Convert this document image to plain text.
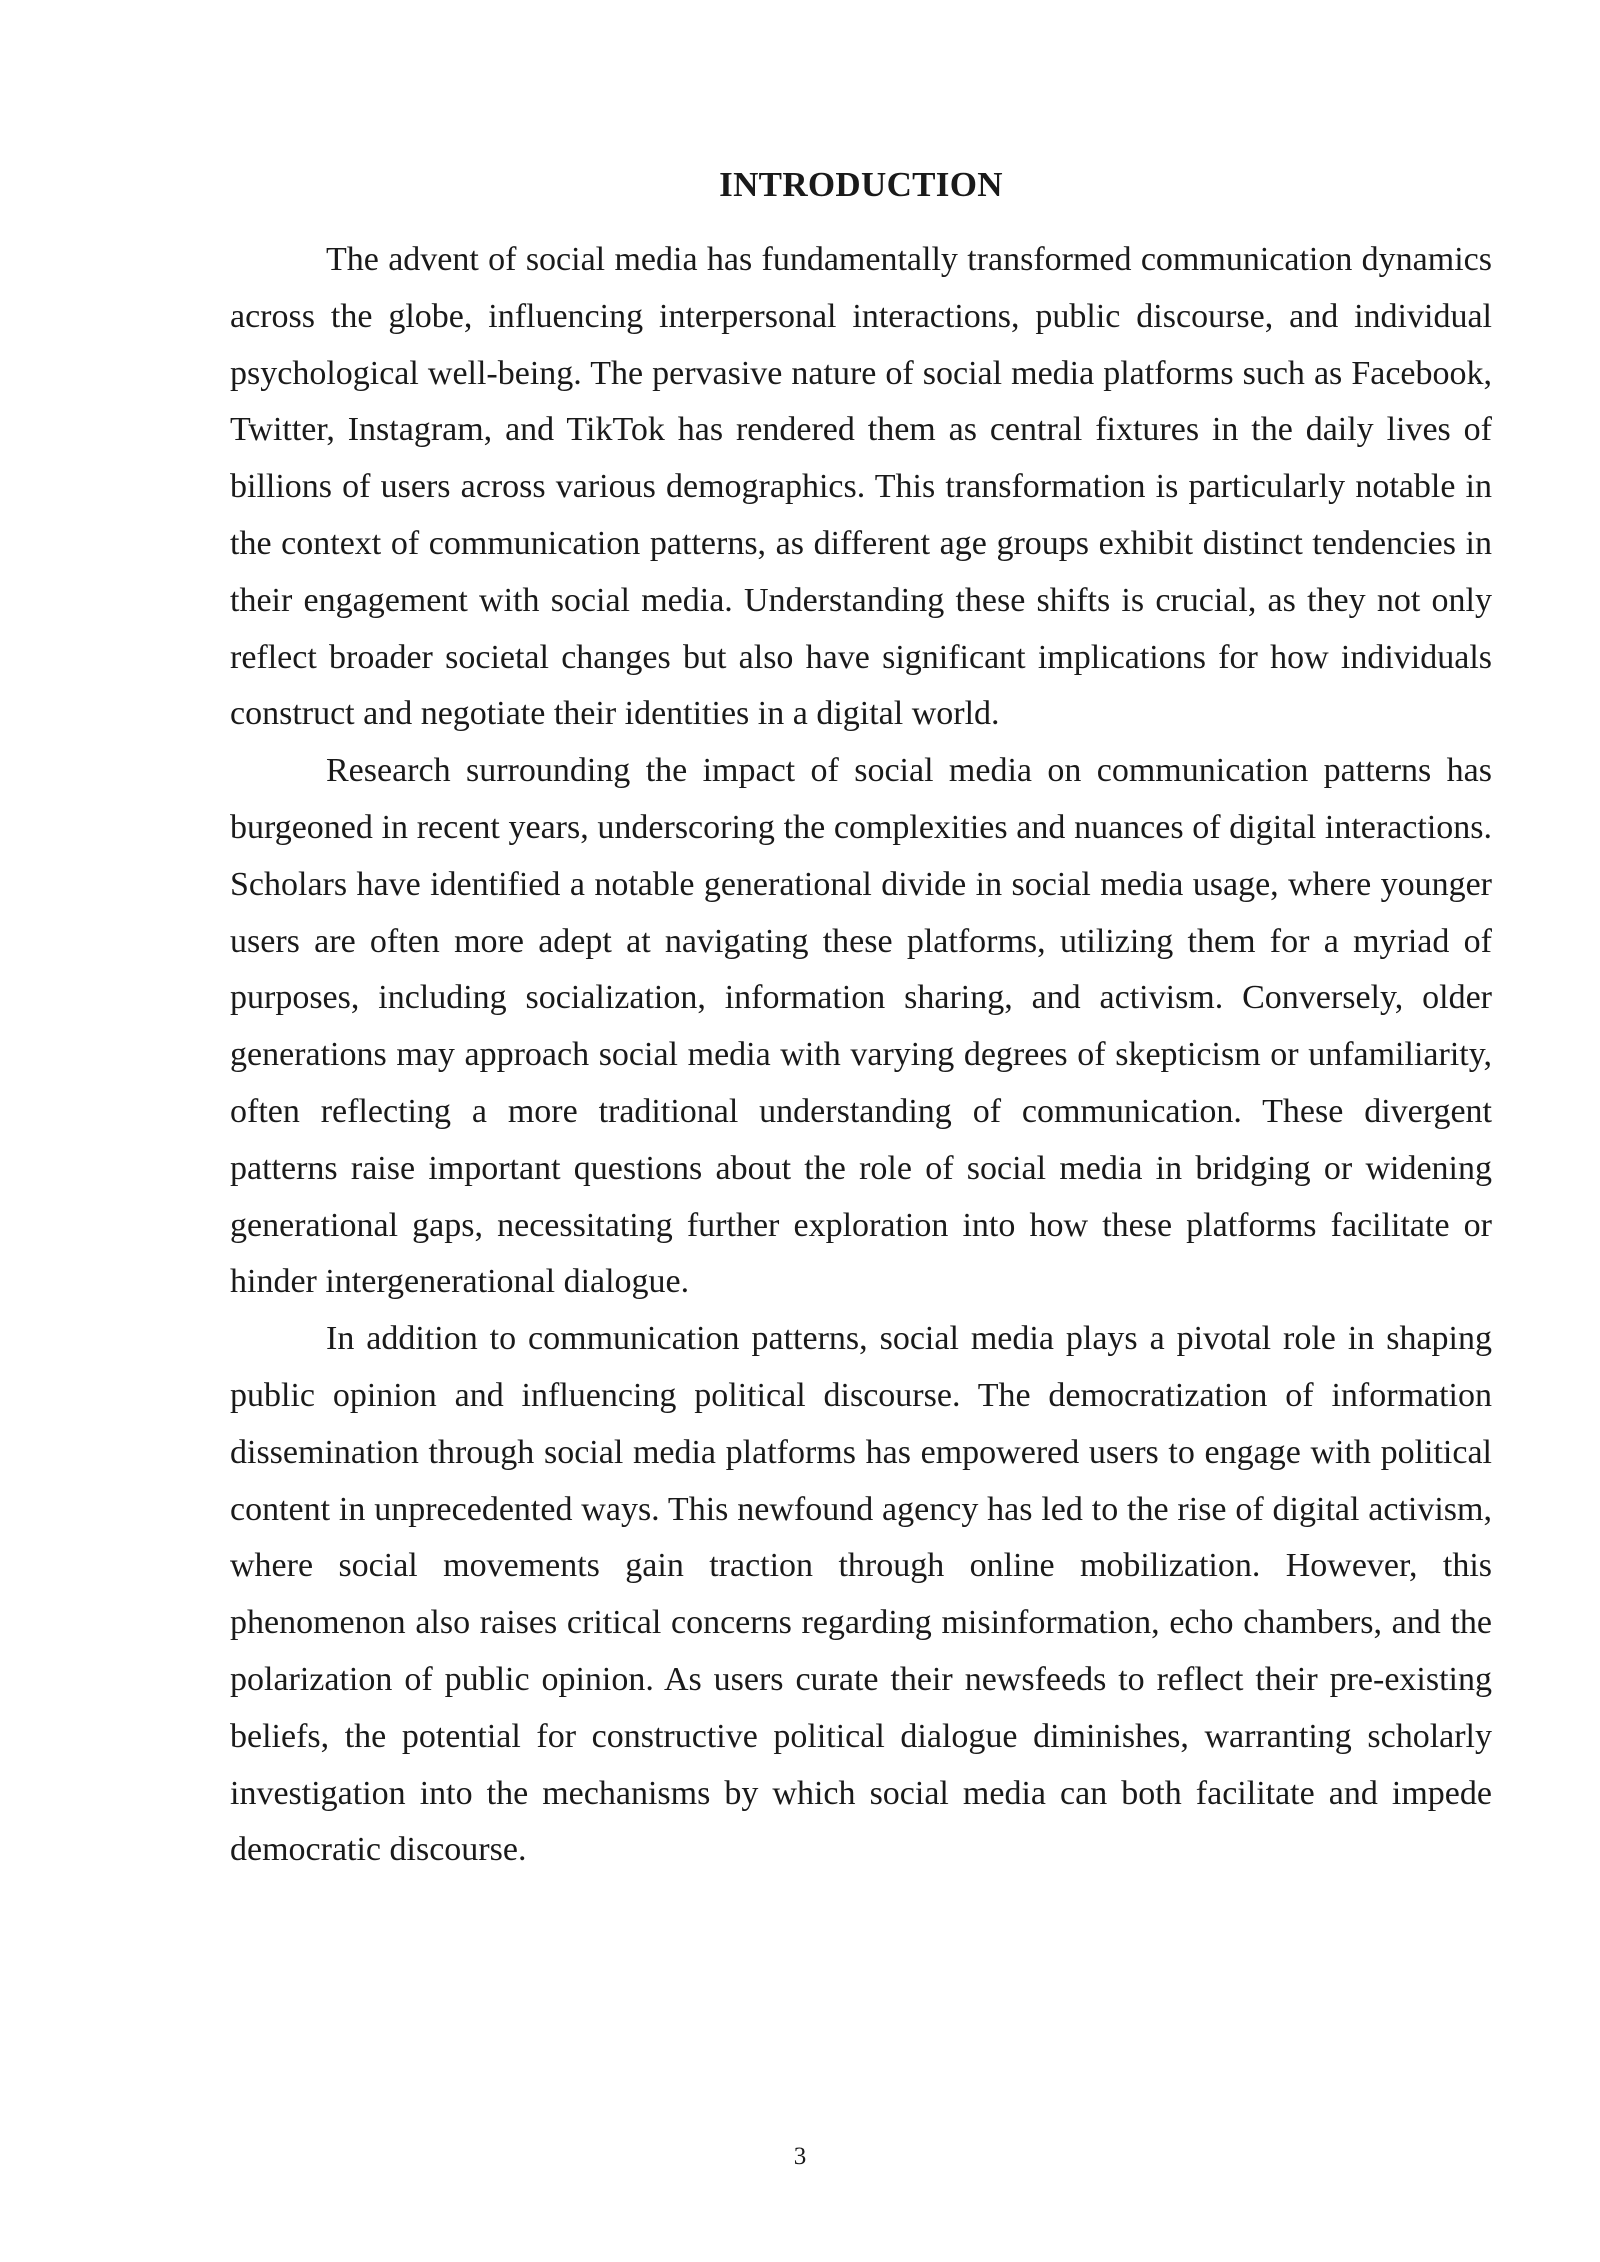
INTRODUCTION

The advent of social media has fundamentally transformed communication dynamics across the globe, influencing interpersonal interactions, public discourse, and individual psychological well-being. The pervasive nature of social media platforms such as Facebook, Twitter, Instagram, and TikTok has rendered them as central fixtures in the daily lives of billions of users across various demographics. This transformation is particularly notable in the context of communication patterns, as different age groups exhibit distinct tendencies in their engagement with social media. Understanding these shifts is crucial, as they not only reflect broader societal changes but also have significant implications for how individuals construct and negotiate their identities in a digital world.

Research surrounding the impact of social media on communication patterns has burgeoned in recent years, underscoring the complexities and nuances of digital interactions. Scholars have identified a notable generational divide in social media usage, where younger users are often more adept at navigating these platforms, utilizing them for a myriad of purposes, including socialization, information sharing, and activism. Conversely, older generations may approach social media with varying degrees of skepticism or unfamiliarity, often reflecting a more traditional understanding of communication. These divergent patterns raise important questions about the role of social media in bridging or widening generational gaps, necessitating further exploration into how these platforms facilitate or hinder intergenerational dialogue.

In addition to communication patterns, social media plays a pivotal role in shaping public opinion and influencing political discourse. The democratization of information dissemination through social media platforms has empowered users to engage with political content in unprecedented ways. This newfound agency has led to the rise of digital activism, where social movements gain traction through online mobilization. However, this phenomenon also raises critical concerns regarding misinformation, echo chambers, and the polarization of public opinion. As users curate their newsfeeds to reflect their pre-existing beliefs, the potential for constructive political dialogue diminishes, warranting scholarly investigation into the mechanisms by which social media can both facilitate and impede democratic discourse.

3
